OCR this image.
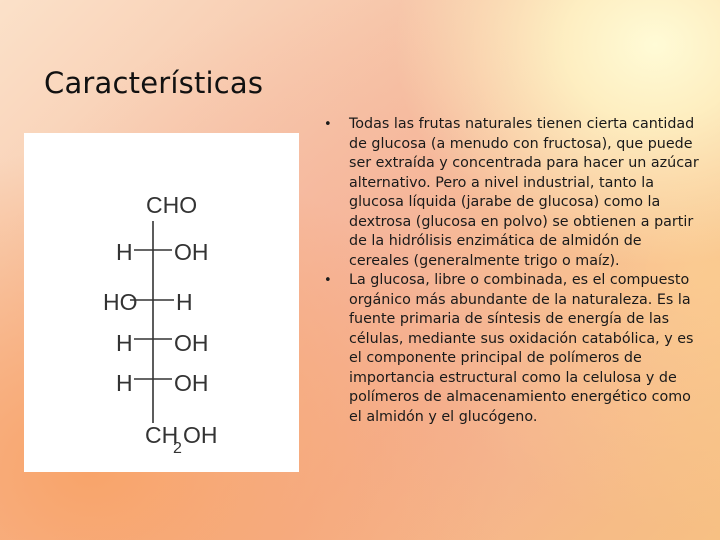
Características
CHO
H OH
HO H
H OH
H OH
CH
2
OH
• Todas las frutas naturales tienen cierta cantidad de glucosa (a menudo con fructosa), que puede ser extraída y concentrada para hacer un azúcar alternativo. Pero a nivel industrial, tanto la glucosa líquida (jarabe de glucosa) como la dextrosa (glucosa en polvo) se obtienen a partir de la hidrólisis enzimática de almidón de cereales (generalmente trigo o maíz).
• La glucosa, libre o combinada, es el compuesto orgánico más abundante de la naturaleza. Es la fuente primaria de síntesis de energía de las células, mediante sus oxidación catabólica, y es el componente principal de polímeros de importancia estructural como la celulosa y de polímeros de almacenamiento energético como el almidón y el glucógeno.
